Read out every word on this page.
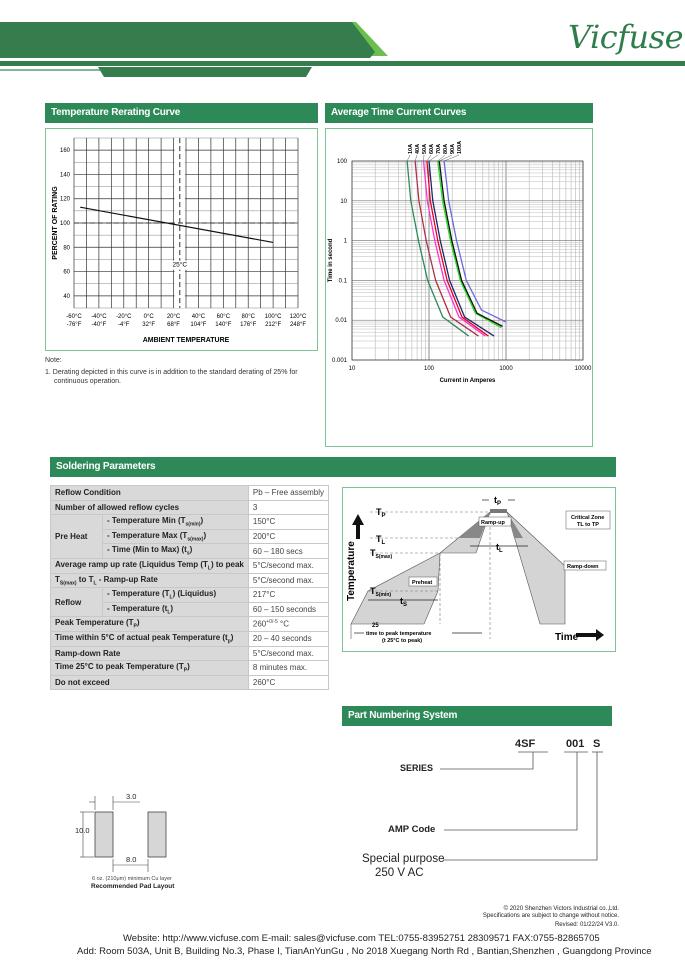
Vicfuse
Temperature Rerating Curve	Average Time Current Curves
25°C
40
60
80
100
120
140
160
-60°C
-76°F
-40°C
-40°F
-20°C
-4°F
0°C
32°F
20°C
68°F
40°C
104°F
60°C
140°F
80°C
176°F
100°C
212°F
120°C
248°F
AMBIENT TEMPERATURE
PERCENT OF RATING
Note:
1. Derating depicted in this curve is in addition to the standard derating of 25% for
continuous operation.
10A 40A 50A 60A 70A 80A 90A 100A
0.001
0.01
0.1
1
10
100
10	100	1000	10000
Current in Amperes
Time in second
Soldering Parameters
Reflow Condition		Pb – Free assembly
Number of allowed reflow cycles		3
Pre Heat	- Temperature Min $(T_{s(min)})$	150°C
	- Temperature Max $(T_{s(max)})$	200°C
	- Time (Min to Max) $(t_s)$	60 – 180 secs
Average ramp up rate (Liquidus Temp $(T_L)$ to peak		5°C/second max.
$T_{S(max)}$ to $T_L$ - Ramp-up Rate		5°C/second max.
Reflow	- Temperature $(T_L)$ (Liquidus)	217°C
	- Temperature $(t_L)$	60 – 150 seconds
Peak Temperature $(T_P)$		$260^{+0/-5}$ °C
Time within 5°C of actual peak Temperature $(t_p)$		20 – 40 seconds
Ramp-down Rate		5°C/second max.
Time 25°C to peak Temperature $(T_P)$		8 minutes max.
Do not exceed		260°C
Temperature
Time
$T_P$
$T_L$
$T_{S(max)}$
$T_{S(min)}$
25
$t_P$
$t_L$
$t_S$
Ramp-up
Preheat
Ramp-down
Critical Zone
TL to TP
time to peak temperature
(t 25°C to peak)
Part Numbering System
4SF	001 S
SERIES
AMP Code
Special purpose
250 V AC
3.0
10.0
8.0
6 oz. (210μm) minimum Cu layer
Recommended Pad Layout
© 2020 Shenzhen Victors Industrial co.,Ltd.
Specifications are subject to change without notice.
Revised: 01/22/24 V3.0.
Website: http://www.vicfuse.com E-mail: sales@vicfuse.com TEL:0755-83952751 28309571 FAX:0755-82865705
Add: Room 503A, Unit B, Building No.3, Phase I, TianAnYunGu , No 2018 Xuegang North Rd , Bantian,Shenzhen , Guangdong Province
